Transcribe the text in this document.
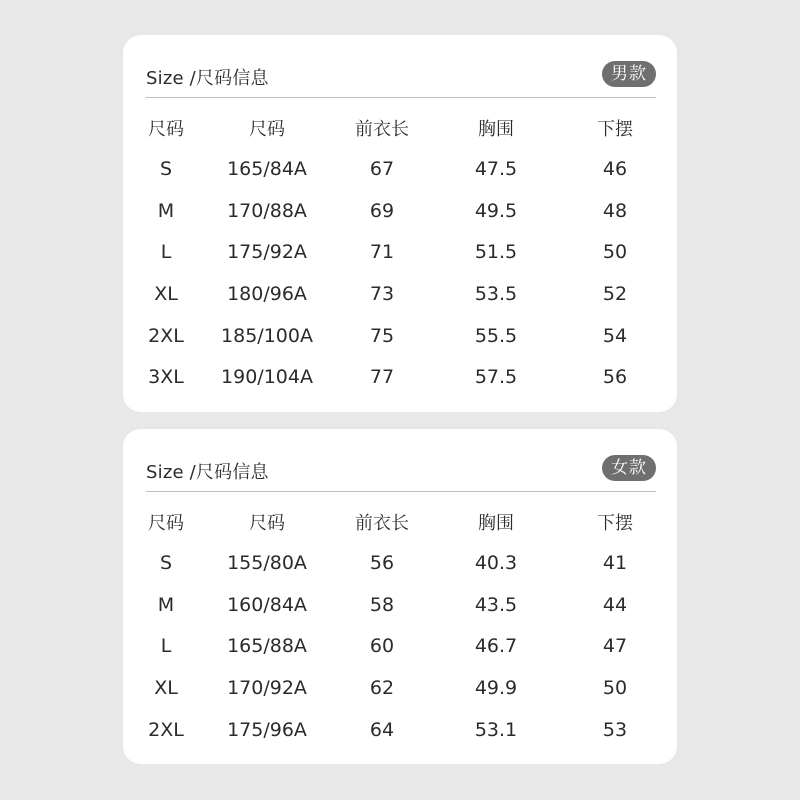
Size /尺码信息	男款
尺码	尺码	前衣长	胸围	下摆
S	165/84A	67	47.5	46
M	170/88A	69	49.5	48
L	175/92A	71	51.5	50
XL	180/96A	73	53.5	52
2XL	185/100A	75	55.5	54
3XL	190/104A	77	57.5	56
Size /尺码信息	女款
尺码	尺码	前衣长	胸围	下摆
S	155/80A	56	40.3	41
M	160/84A	58	43.5	44
L	165/88A	60	46.7	47
XL	170/92A	62	49.9	50
2XL	175/96A	64	53.1	53
